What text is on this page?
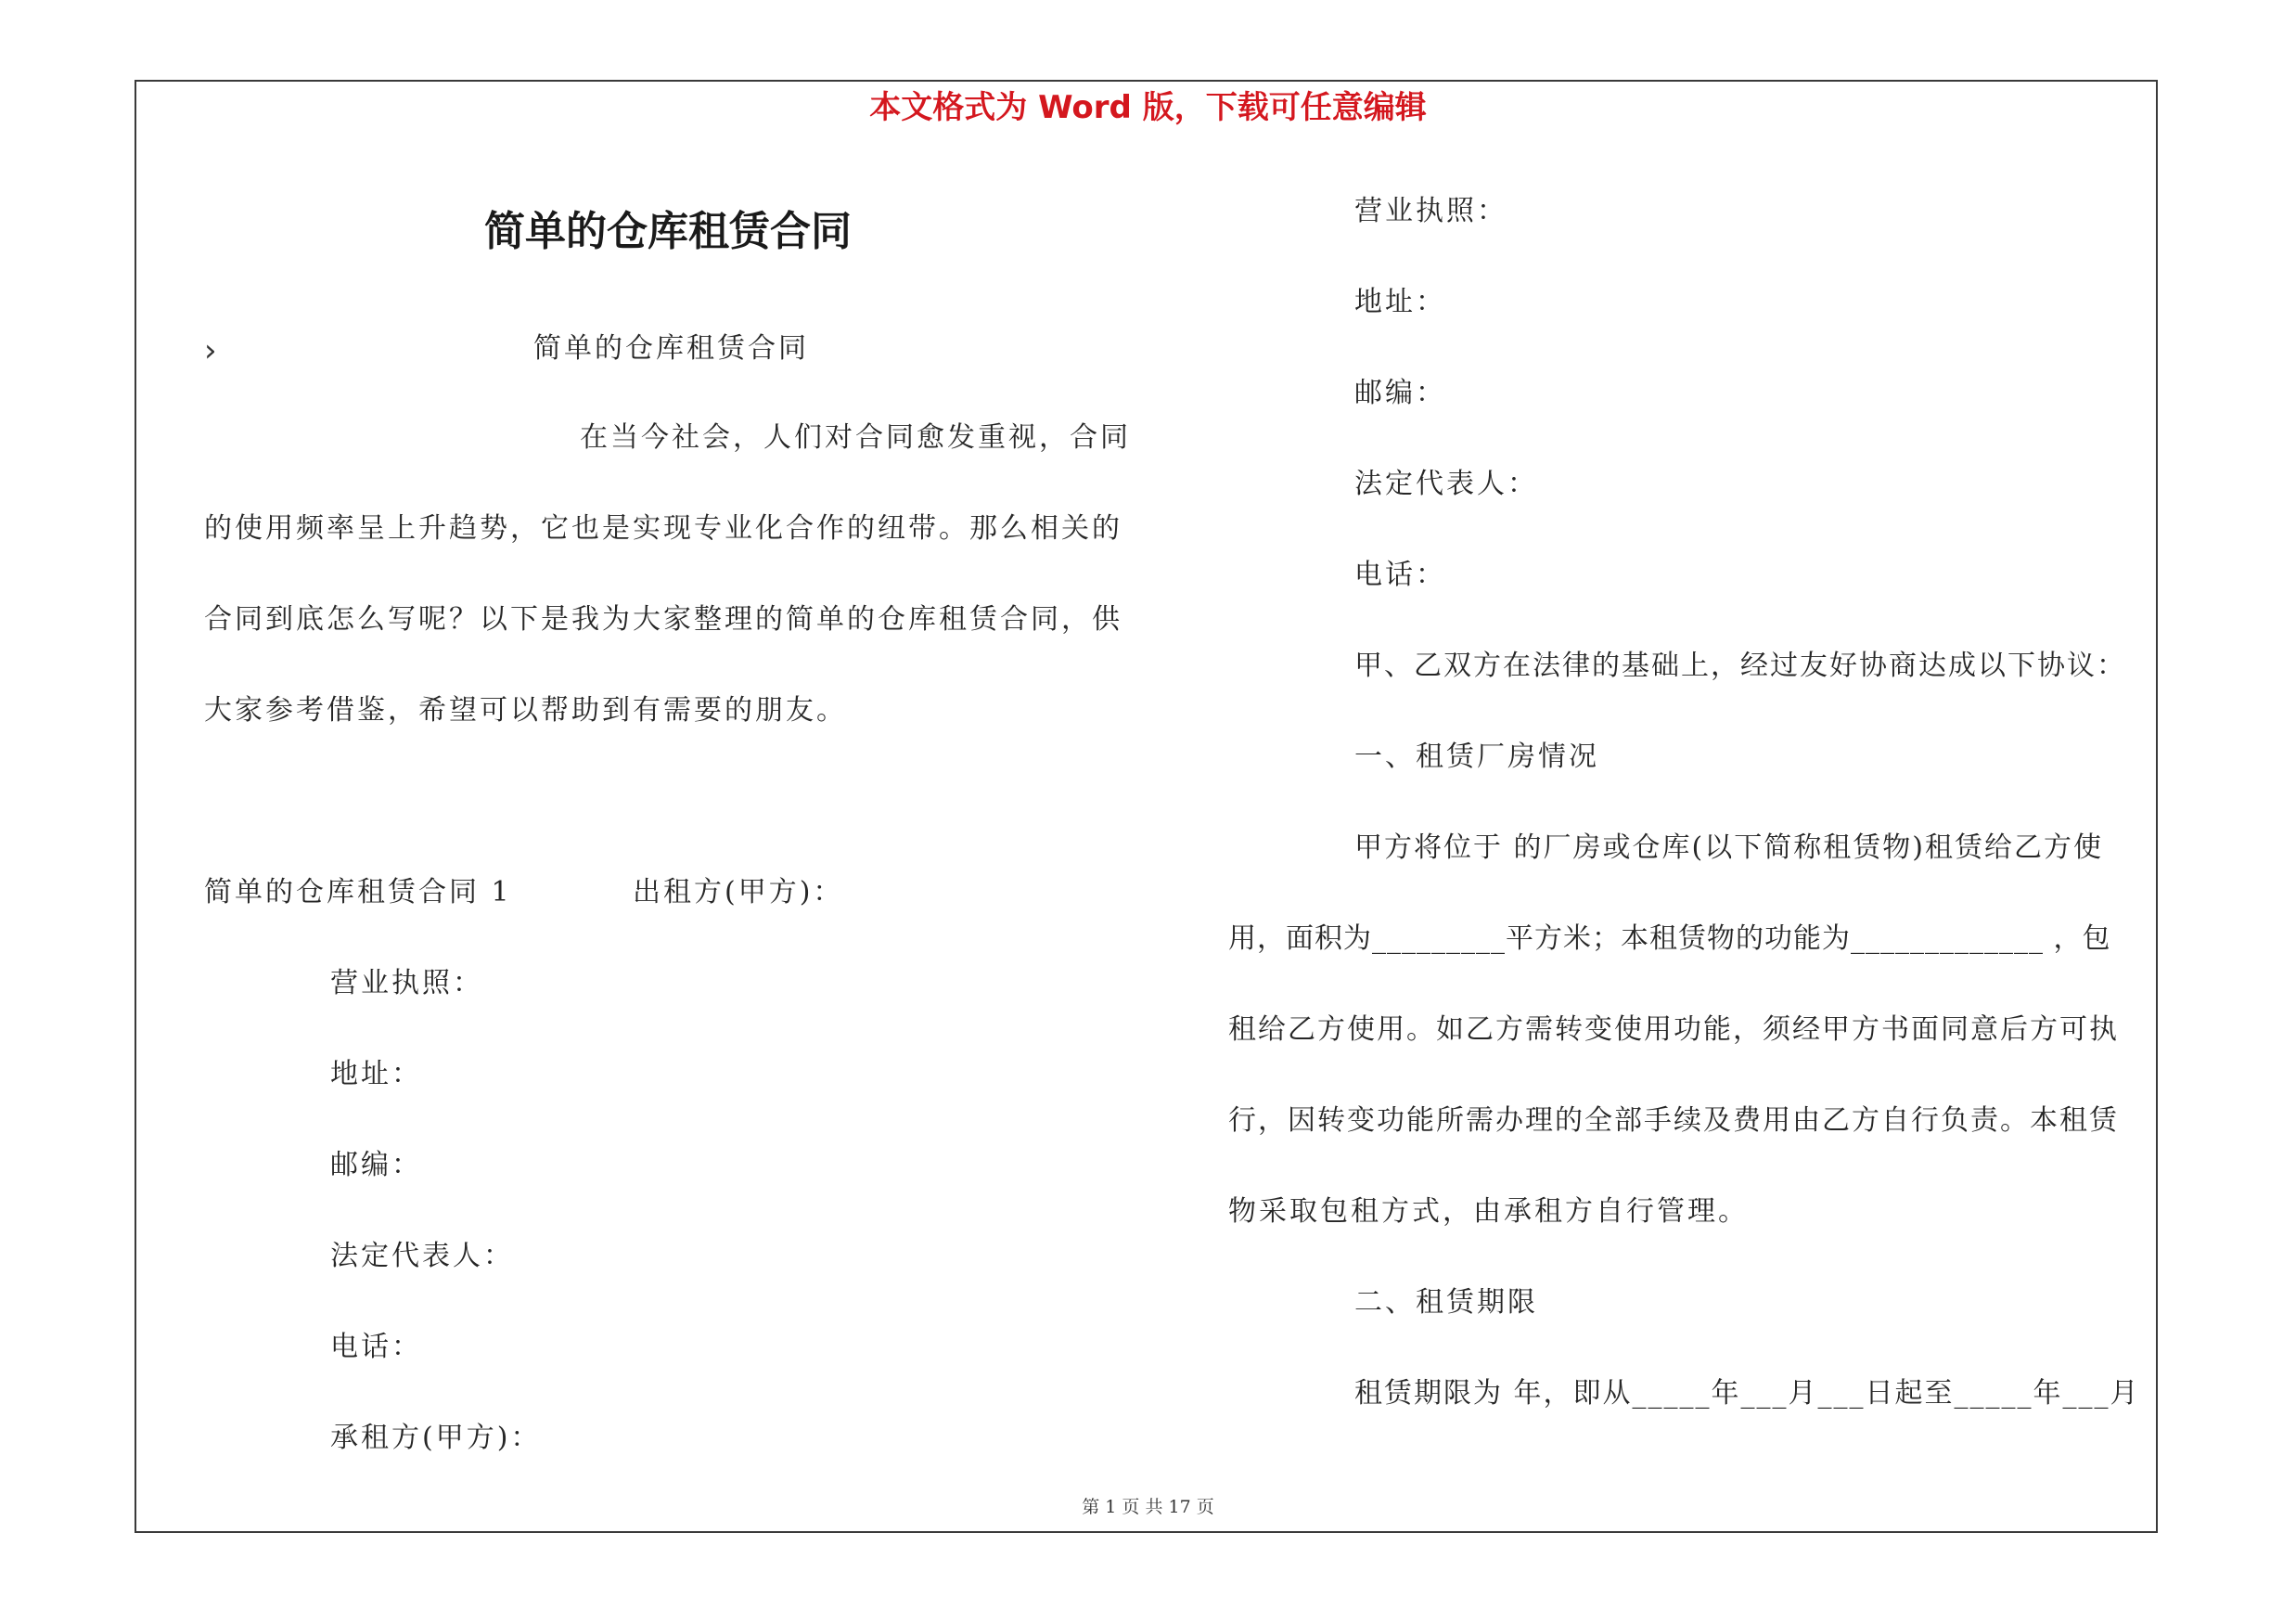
本文格式为 Word 版，下载可任意编辑
简单的仓库租赁合同
›	简单的仓库租赁合同
在当今社会，人们对合同愈发重视，合同
的使用频率呈上升趋势，它也是实现专业化合作的纽带。那么相关的
合同到底怎么写呢？以下是我为大家整理的简单的仓库租赁合同，供
大家参考借鉴，希望可以帮助到有需要的朋友。
简单的仓库租赁合同 1	出租方(甲方)：
营业执照：
地址：
邮编：
法定代表人：
电话：
承租方(甲方)：
营业执照：
地址：
邮编：
法定代表人：
电话：
甲、乙双方在法律的基础上，经过友好协商达成以下协议：
一、租赁厂房情况
甲方将位于 的厂房或仓库(以下简称租赁物)租赁给乙方使
用，面积为_________平方米；本租赁物的功能为_____________ ，包
租给乙方使用。如乙方需转变使用功能，须经甲方书面同意后方可执
行，因转变功能所需办理的全部手续及费用由乙方自行负责。本租赁
物采取包租方式，由承租方自行管理。
二、租赁期限
租赁期限为 年，即从_____年___月___日起至_____年___月
第 1 页 共 17 页
